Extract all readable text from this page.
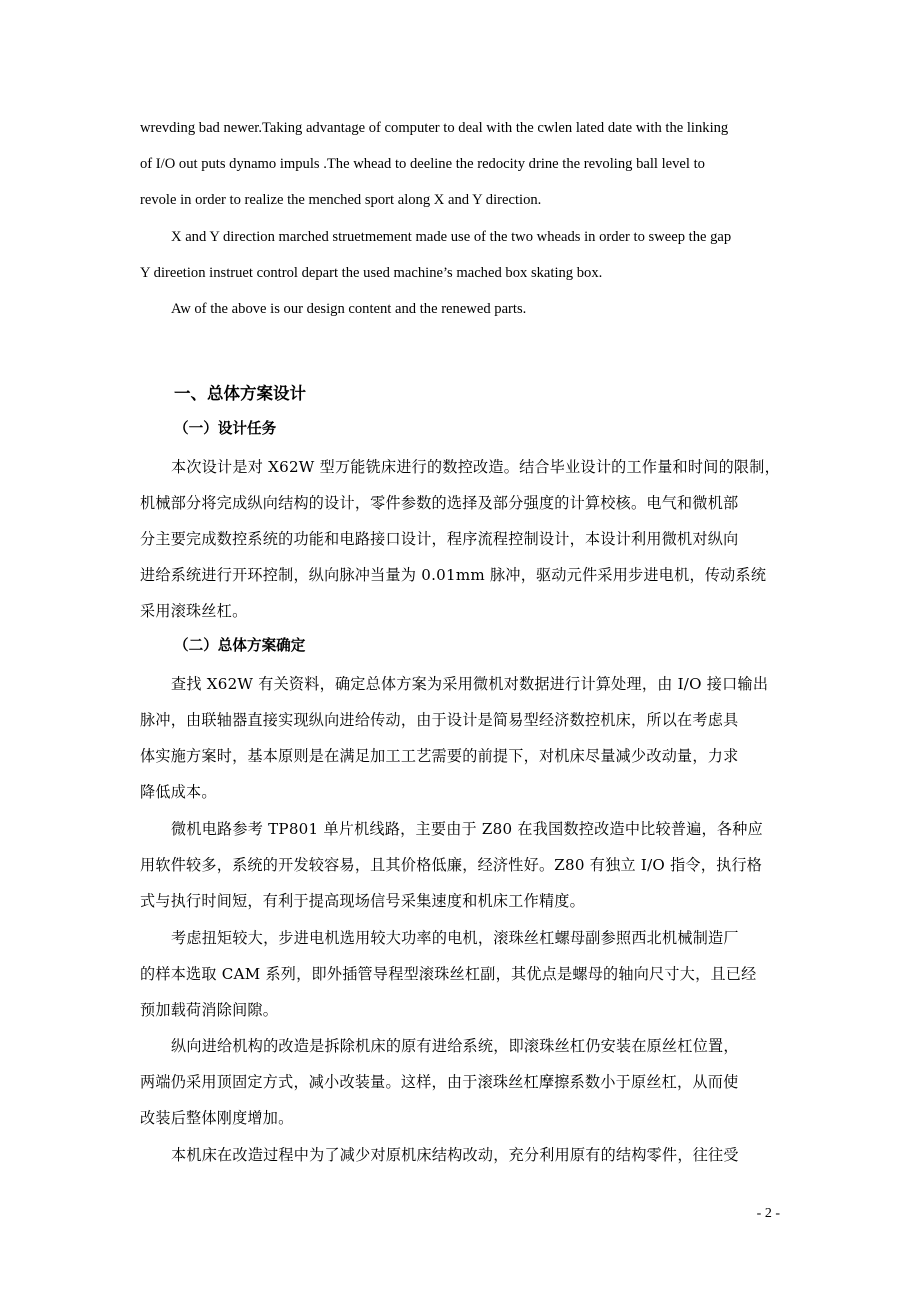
wrevding bad newer.Taking advantage of computer to deal with the cwlen lated date with the linking
of I/O out puts dynamo impuls .The whead to deeline the redocity drine the revoling ball level to
revole in order to realize the menched sport along X and Y direction.

X and Y direction marched struetmement made use of the two wheads in order to sweep the gap
Y direetion instruet control depart the used machine’s mached box skating box.

Aw of the above is our design content and the renewed parts.

一、总体方案设计
（一）设计任务

本次设计是对 X62W 型万能铣床进行的数控改造。结合毕业设计的工作量和时间的限制，
机械部分将完成纵向结构的设计，零件参数的选择及部分强度的计算校核。电气和微机部
分主要完成数控系统的功能和电路接口设计，程序流程控制设计，本设计利用微机对纵向
进给系统进行开环控制，纵向脉冲当量为 0.01mm 脉冲，驱动元件采用步进电机，传动系统
采用滚珠丝杠。

（二）总体方案确定

查找 X62W 有关资料，确定总体方案为采用微机对数据进行计算处理，由 I/O 接口输出
脉冲，由联轴器直接实现纵向进给传动，由于设计是简易型经济数控机床，所以在考虑具
体实施方案时，基本原则是在满足加工工艺需要的前提下，对机床尽量减少改动量，力求
降低成本。

微机电路参考 TP801 单片机线路，主要由于 Z80 在我国数控改造中比较普遍，各种应
用软件较多，系统的开发较容易，且其价格低廉，经济性好。Z80 有独立 I/O 指令，执行格
式与执行时间短，有利于提高现场信号采集速度和机床工作精度。

考虑扭矩较大，步进电机选用较大功率的电机，滚珠丝杠螺母副参照西北机械制造厂
的样本选取 CAM 系列，即外插管导程型滚珠丝杠副，其优点是螺母的轴向尺寸大，且已经
预加载荷消除间隙。

纵向进给机构的改造是拆除机床的原有进给系统，即滚珠丝杠仍安装在原丝杠位置，
两端仍采用顶固定方式，减小改装量。这样，由于滚珠丝杠摩擦系数小于原丝杠，从而使
改装后整体刚度增加。

本机床在改造过程中为了减少对原机床结构改动，充分利用原有的结构零件，往往受

- 2 -
